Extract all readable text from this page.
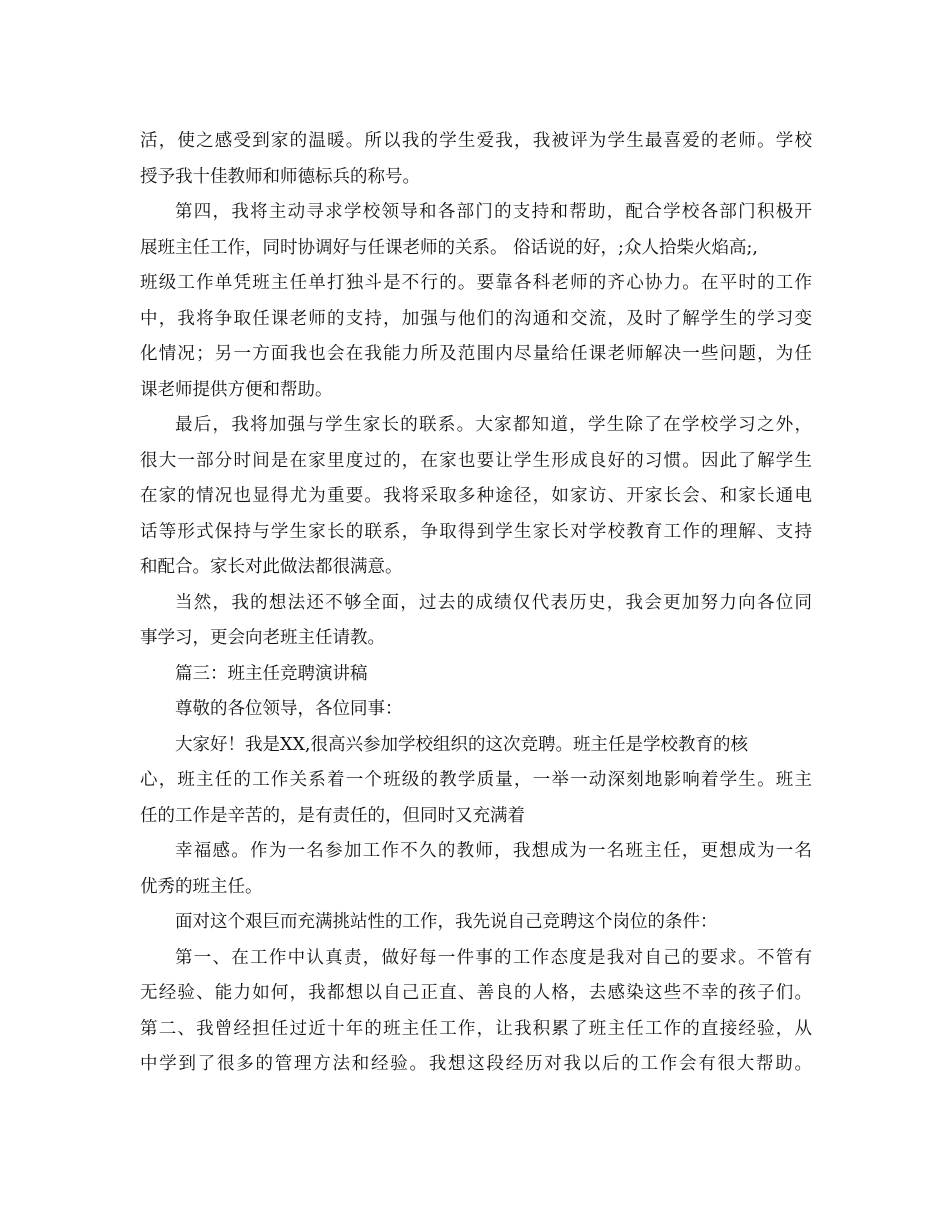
活，使之感受到家的温暖。所以我的学生爱我，我被评为学生最喜爱的老师。学校
授予我十佳教师和师德标兵的称号。
第四，我将主动寻求学校领导和各部门的支持和帮助，配合学校各部门积极开
展班主任工作，同时协调好与任课老师的关系。 俗话说的好，;众人拾柴火焰高;,
班级工作单凭班主任单打独斗是不行的。要靠各科老师的齐心协力。在平时的工作
中，我将争取任课老师的支持，加强与他们的沟通和交流，及时了解学生的学习变
化情况；另一方面我也会在我能力所及范围内尽量给任课老师解决一些问题，为任
课老师提供方便和帮助。
最后，我将加强与学生家长的联系。大家都知道，学生除了在学校学习之外，
很大一部分时间是在家里度过的，在家也要让学生形成良好的习惯。因此了解学生
在家的情况也显得尤为重要。我将采取多种途径，如家访、开家长会、和家长通电
话等形式保持与学生家长的联系，争取得到学生家长对学校教育工作的理解、支持
和配合。家长对此做法都很满意。
当然，我的想法还不够全面，过去的成绩仅代表历史，我会更加努力向各位同
事学习，更会向老班主任请教。
篇三：班主任竞聘演讲稿
尊敬的各位领导，各位同事：
大家好！我是XX,很高兴参加学校组织的这次竞聘。班主任是学校教育的核
心，班主任的工作关系着一个班级的教学质量，一举一动深刻地影响着学生。班主
任的工作是辛苦的，是有责任的，但同时又充满着
幸福感。作为一名参加工作不久的教师，我想成为一名班主任，更想成为一名
优秀的班主任。
面对这个艰巨而充满挑站性的工作，我先说自己竞聘这个岗位的条件：
第一、在工作中认真责，做好每一件事的工作态度是我对自己的要求。不管有
无经验、能力如何，我都想以自己正直、善良的人格，去感染这些不幸的孩子们。
第二、我曾经担任过近十年的班主任工作，让我积累了班主任工作的直接经验，从
中学到了很多的管理方法和经验。我想这段经历对我以后的工作会有很大帮助。
